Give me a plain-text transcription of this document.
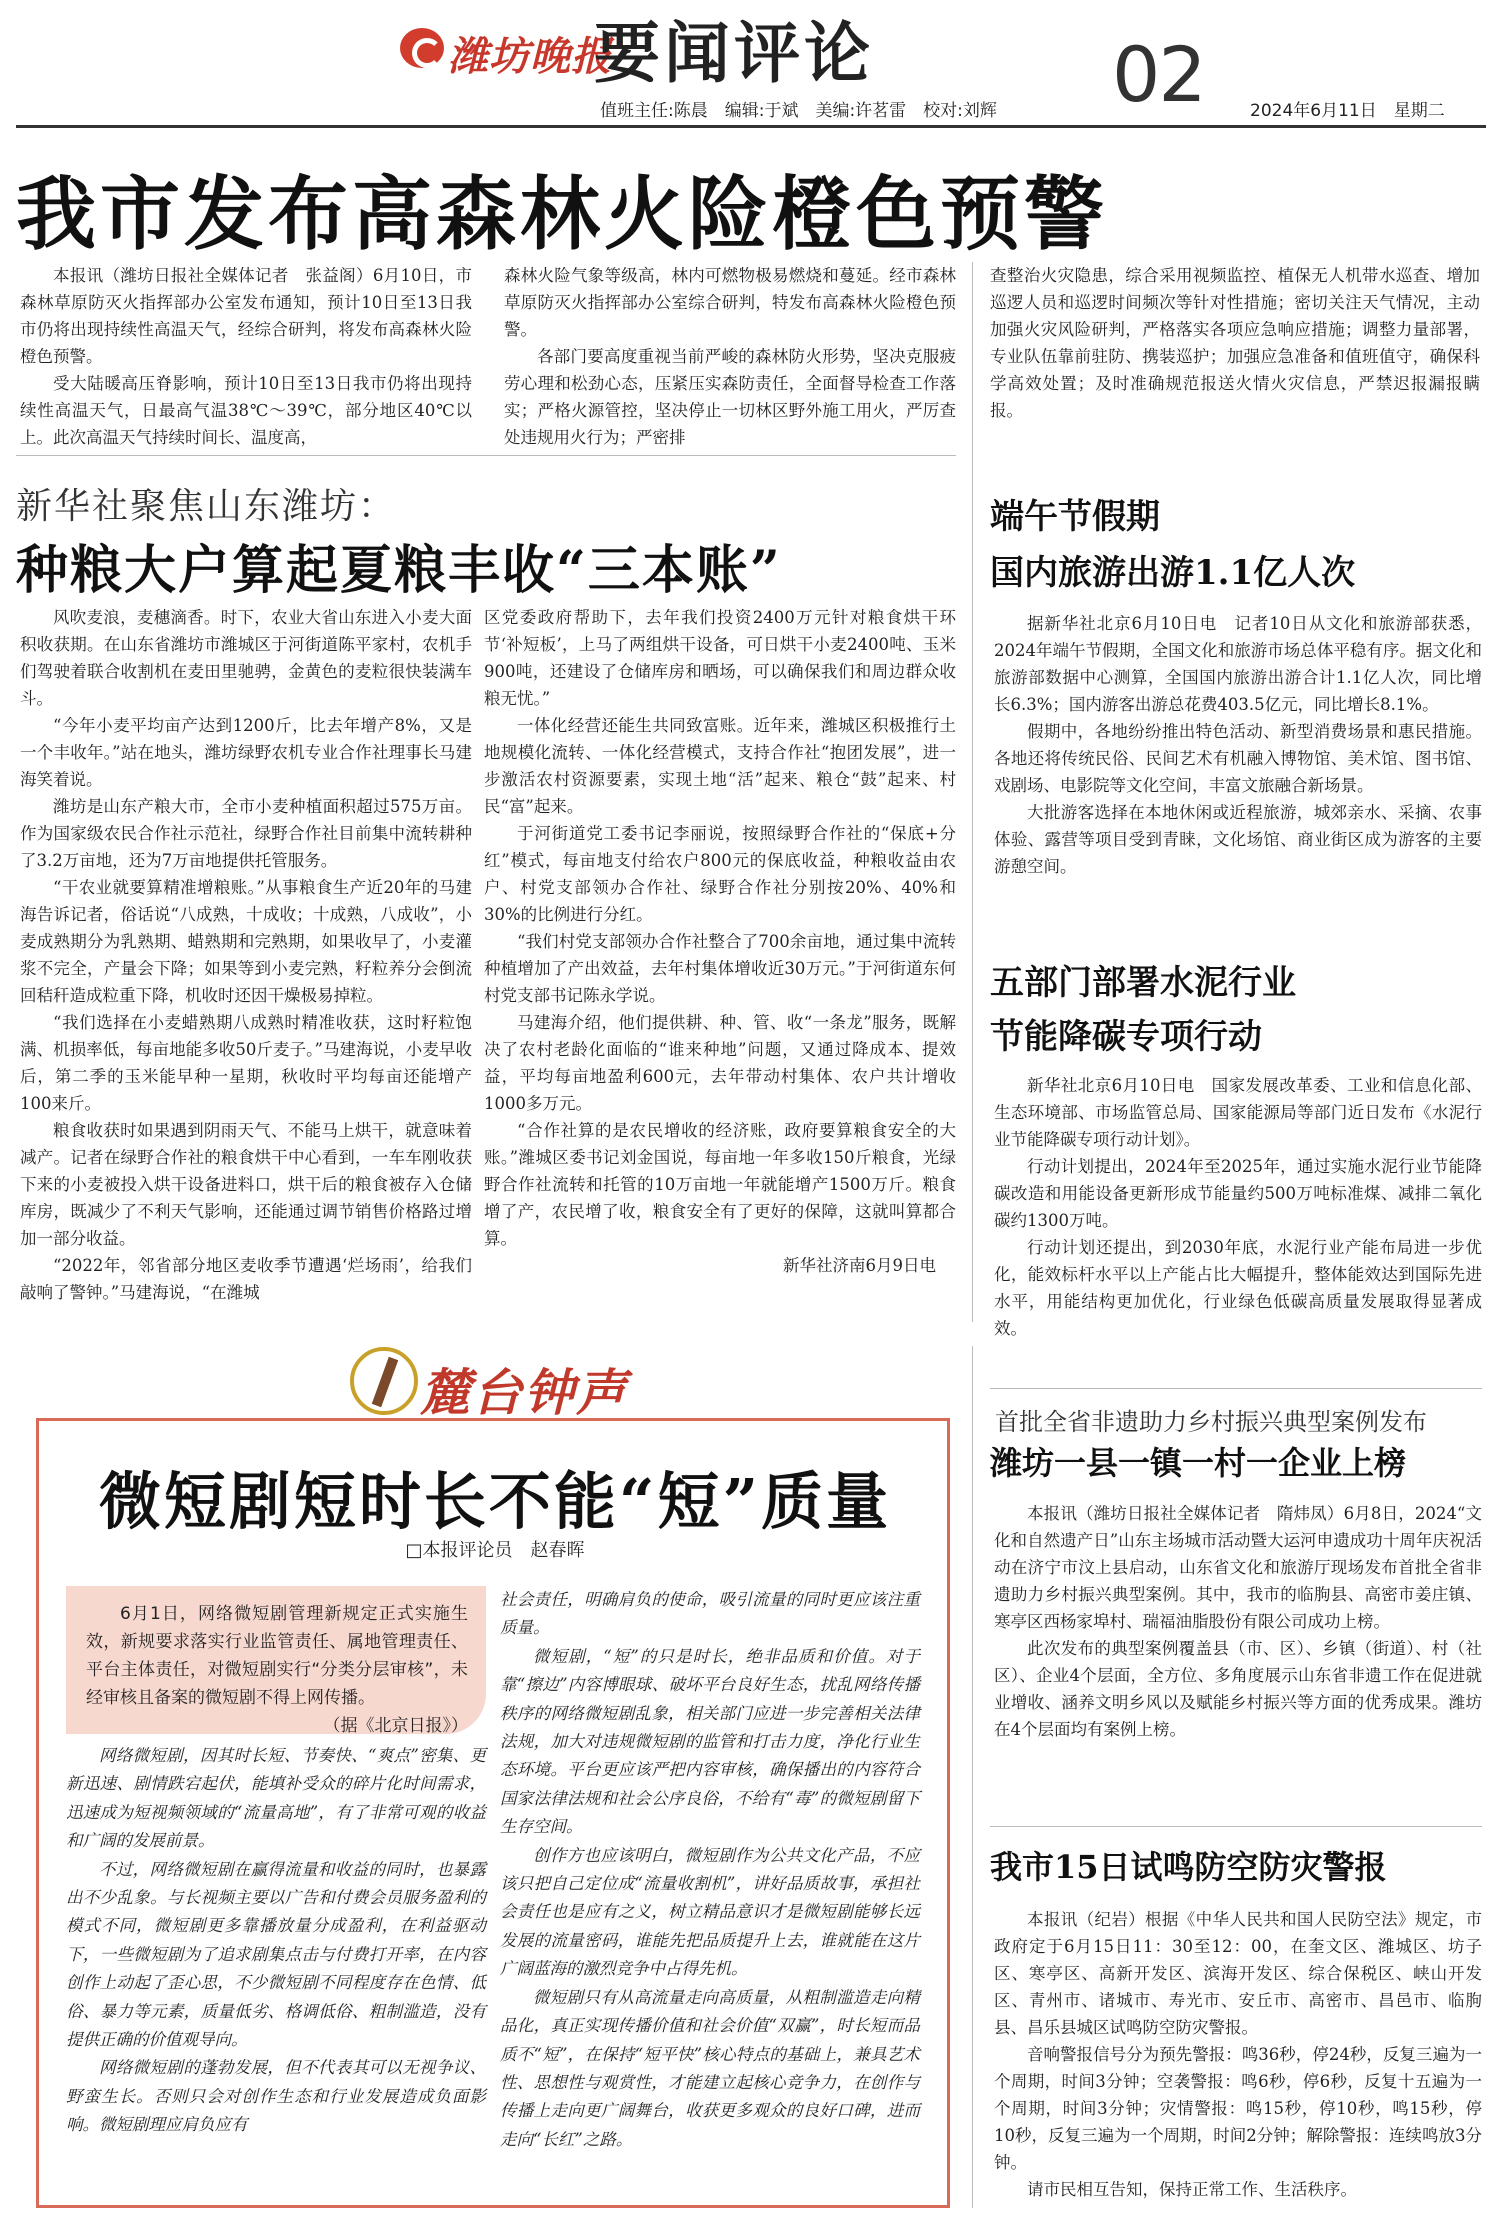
潍坊晚报
要闻评论	02
值班主任:陈晨　编辑:于斌　美编:许茗雷　校对:刘辉	2024年6月11日　星期二
我市发布高森林火险橙色预警

本报讯（潍坊日报社全媒体记者　张益阁）6月10日，市森林草原防灭火指挥部办公室发布通知，预计10日至13日我市仍将出现持续性高温天气，经综合研判，将发布高森林火险橙色预警。

受大陆暖高压脊影响，预计10日至13日我市仍将出现持续性高温天气，日最高气温38℃～39℃，部分地区40℃以上。此次高温天气持续时间长、温度高，

森林火险气象等级高，林内可燃物极易燃烧和蔓延。经市森林草原防灭火指挥部办公室综合研判，特发布高森林火险橙色预警。

各部门要高度重视当前严峻的森林防火形势，坚决克服疲劳心理和松劲心态，压紧压实森防责任，全面督导检查工作落实；严格火源管控，坚决停止一切林区野外施工用火，严厉查处违规用火行为；严密排

查整治火灾隐患，综合采用视频监控、植保无人机带水巡查、增加巡逻人员和巡逻时间频次等针对性措施；密切关注天气情况，主动加强火灾风险研判，严格落实各项应急响应措施；调整力量部署，专业队伍靠前驻防、携装巡护；加强应急准备和值班值守，确保科学高效处置；及时准确规范报送火情火灾信息，严禁迟报漏报瞒报。

新华社聚焦山东潍坊：
种粮大户算起夏粮丰收“三本账”

风吹麦浪，麦穗滴香。时下，农业大省山东进入小麦大面积收获期。在山东省潍坊市潍城区于河街道陈平家村，农机手们驾驶着联合收割机在麦田里驰骋，金黄色的麦粒很快装满车斗。

“今年小麦平均亩产达到1200斤，比去年增产8%，又是一个丰收年。”站在地头，潍坊绿野农机专业合作社理事长马建海笑着说。

潍坊是山东产粮大市，全市小麦种植面积超过575万亩。作为国家级农民合作社示范社，绿野合作社目前集中流转耕种了3.2万亩地，还为7万亩地提供托管服务。

“干农业就要算精准增粮账。”从事粮食生产近20年的马建海告诉记者，俗话说“八成熟，十成收；十成熟，八成收”，小麦成熟期分为乳熟期、蜡熟期和完熟期，如果收早了，小麦灌浆不完全，产量会下降；如果等到小麦完熟，籽粒养分会倒流回秸秆造成粒重下降，机收时还因干燥极易掉粒。

“我们选择在小麦蜡熟期八成熟时精准收获，这时籽粒饱满、机损率低，每亩地能多收50斤麦子。”马建海说，小麦早收后，第二季的玉米能早种一星期，秋收时平均每亩还能增产100来斤。

粮食收获时如果遇到阴雨天气、不能马上烘干，就意味着减产。记者在绿野合作社的粮食烘干中心看到，一车车刚收获下来的小麦被投入烘干设备进料口，烘干后的粮食被存入仓储库房，既减少了不利天气影响，还能通过调节销售价格路过增加一部分收益。

“2022年，邻省部分地区麦收季节遭遇‘烂场雨’，给我们敲响了警钟。”马建海说，“在潍城

区党委政府帮助下，去年我们投资2400万元针对粮食烘干环节‘补短板’，上马了两组烘干设备，可日烘干小麦2400吨、玉米900吨，还建设了仓储库房和晒场，可以确保我们和周边群众收粮无忧。”

一体化经营还能生共同致富账。近年来，潍城区积极推行土地规模化流转、一体化经营模式，支持合作社“抱团发展”，进一步激活农村资源要素，实现土地“活”起来、粮仓“鼓”起来、村民“富”起来。

于河街道党工委书记李丽说，按照绿野合作社的“保底+分红”模式，每亩地支付给农户800元的保底收益，种粮收益由农户、村党支部领办合作社、绿野合作社分别按20%、40%和30%的比例进行分红。

“我们村党支部领办合作社整合了700余亩地，通过集中流转种植增加了产出效益，去年村集体增收近30万元。”于河街道东何村党支部书记陈永学说。

马建海介绍，他们提供耕、种、管、收“一条龙”服务，既解决了农村老龄化面临的“谁来种地”问题，又通过降成本、提效益，平均每亩地盈利600元，去年带动村集体、农户共计增收1000多万元。

“合作社算的是农民增收的经济账，政府要算粮食安全的大账。”潍城区委书记刘金国说，每亩地一年多收150斤粮食，光绿野合作社流转和托管的10万亩地一年就能增产1500万斤。粮食增了产，农民增了收，粮食安全有了更好的保障，这就叫算都合算。

新华社济南6月9日电

端午节假期
国内旅游出游1.1亿人次

据新华社北京6月10日电　记者10日从文化和旅游部获悉，2024年端午节假期，全国文化和旅游市场总体平稳有序。据文化和旅游部数据中心测算，全国国内旅游出游合计1.1亿人次，同比增长6.3%；国内游客出游总花费403.5亿元，同比增长8.1%。

假期中，各地纷纷推出特色活动、新型消费场景和惠民措施。各地还将传统民俗、民间艺术有机融入博物馆、美术馆、图书馆、戏剧场、电影院等文化空间，丰富文旅融合新场景。

大批游客选择在本地休闲或近程旅游，城郊亲水、采摘、农事体验、露营等项目受到青睐，文化场馆、商业街区成为游客的主要游憩空间。

五部门部署水泥行业
节能降碳专项行动

新华社北京6月10日电　国家发展改革委、工业和信息化部、生态环境部、市场监管总局、国家能源局等部门近日发布《水泥行业节能降碳专项行动计划》。

行动计划提出，2024年至2025年，通过实施水泥行业节能降碳改造和用能设备更新形成节能量约500万吨标准煤、减排二氧化碳约1300万吨。

行动计划还提出，到2030年底，水泥行业产能布局进一步优化，能效标杆水平以上产能占比大幅提升，整体能效达到国际先进水平，用能结构更加优化，行业绿色低碳高质量发展取得显著成效。

首批全省非遗助力乡村振兴典型案例发布
潍坊一县一镇一村一企业上榜

本报讯（潍坊日报社全媒体记者　隋炜凤）6月8日，2024“文化和自然遗产日”山东主场城市活动暨大运河申遗成功十周年庆祝活动在济宁市汶上县启动，山东省文化和旅游厅现场发布首批全省非遗助力乡村振兴典型案例。其中，我市的临朐县、高密市姜庄镇、寒亭区西杨家埠村、瑞福油脂股份有限公司成功上榜。

此次发布的典型案例覆盖县（市、区）、乡镇（街道）、村（社区）、企业4个层面，全方位、多角度展示山东省非遗工作在促进就业增收、涵养文明乡风以及赋能乡村振兴等方面的优秀成果。潍坊在4个层面均有案例上榜。

我市15日试鸣防空防灾警报

本报讯（纪岩）根据《中华人民共和国人民防空法》规定，市政府定于6月15日11：30至12：00，在奎文区、潍城区、坊子区、寒亭区、高新开发区、滨海开发区、综合保税区、峡山开发区、青州市、诸城市、寿光市、安丘市、高密市、昌邑市、临朐县、昌乐县城区试鸣防空防灾警报。

音响警报信号分为预先警报：鸣36秒，停24秒，反复三遍为一个周期，时间3分钟；空袭警报：鸣6秒，停6秒，反复十五遍为一个周期，时间3分钟；灾情警报：鸣15秒，停10秒，鸣15秒，停10秒，反复三遍为一个周期，时间2分钟；解除警报：连续鸣放3分钟。

请市民相互告知，保持正常工作、生活秩序。

麓台钟声
微短剧短时长不能“短”质量
□本报评论员　赵春晖

6月1日，网络微短剧管理新规定正式实施生效，新规要求落实行业监管责任、属地管理责任、平台主体责任，对微短剧实行“分类分层审核”，未经审核且备案的微短剧不得上网传播。

（据《北京日报》）

网络微短剧，因其时长短、节奏快、“爽点”密集、更新迅速、剧情跌宕起伏，能填补受众的碎片化时间需求，迅速成为短视频领域的“流量高地”，有了非常可观的收益和广阔的发展前景。

不过，网络微短剧在赢得流量和收益的同时，也暴露出不少乱象。与长视频主要以广告和付费会员服务盈利的模式不同，微短剧更多靠播放量分成盈利，在利益驱动下，一些微短剧为了追求剧集点击与付费打开率，在内容创作上动起了歪心思，不少微短剧不同程度存在色情、低俗、暴力等元素，质量低劣、格调低俗、粗制滥造，没有提供正确的价值观导向。

网络微短剧的蓬勃发展，但不代表其可以无视争议、野蛮生长。否则只会对创作生态和行业发展造成负面影响。微短剧理应肩负应有

社会责任，明确肩负的使命，吸引流量的同时更应该注重质量。

微短剧，“短”的只是时长，绝非品质和价值。对于靠“擦边”内容博眼球、破坏平台良好生态，扰乱网络传播秩序的网络微短剧乱象，相关部门应进一步完善相关法律法规，加大对违规微短剧的监管和打击力度，净化行业生态环境。平台更应该严把内容审核，确保播出的内容符合国家法律法规和社会公序良俗，不给有“毒”的微短剧留下生存空间。

创作方也应该明白，微短剧作为公共文化产品，不应该只把自己定位成“流量收割机”，讲好品质故事，承担社会责任也是应有之义，树立精品意识才是微短剧能够长远发展的流量密码，谁能先把品质提升上去，谁就能在这片广阔蓝海的激烈竞争中占得先机。

微短剧只有从高流量走向高质量，从粗制滥造走向精品化，真正实现传播价值和社会价值“双赢”，时长短而品质不“短”，在保持“短平快”核心特点的基础上，兼具艺术性、思想性与观赏性，才能建立起核心竞争力，在创作与传播上走向更广阔舞台，收获更多观众的良好口碑，进而走向“长红”之路。
